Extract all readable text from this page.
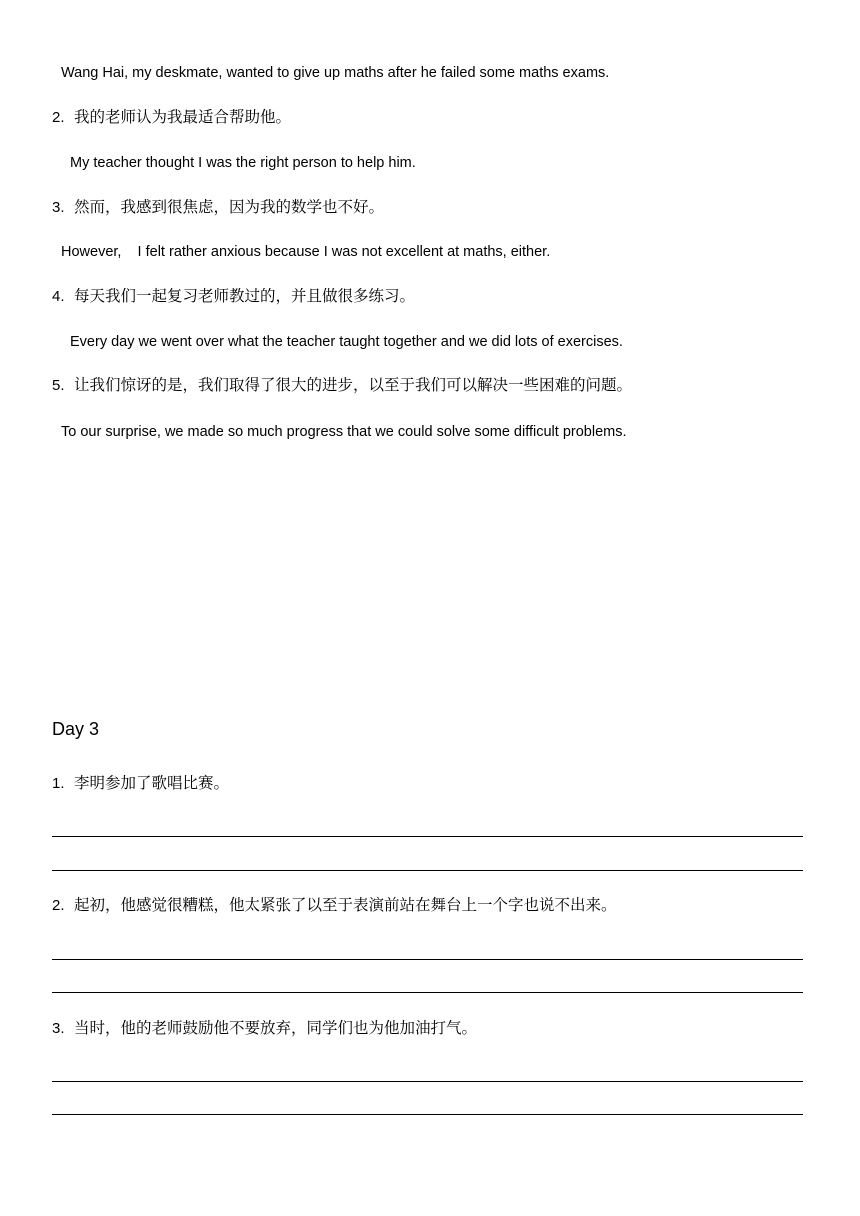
Wang Hai, my deskmate, wanted to give up maths after he failed some maths exams.
2. 我的老师认为我最适合帮助他。
My teacher thought I was the right person to help him.
3. 然而，我感到很焦虑，因为我的数学也不好。
However,    I felt rather anxious because I was not excellent at maths, either.
4. 每天我们一起复习老师教过的，并且做很多练习。
Every day we went over what the teacher taught together and we did lots of exercises.
5. 让我们惊讶的是，我们取得了很大的进步，以至于我们可以解决一些困难的问题。
To our surprise, we made so much progress that we could solve some difficult problems.
Day 3
1. 李明参加了歌唱比赛。
2. 起初，他感觉很糟糕，他太紧张了以至于表演前站在舞台上一个字也说不出来。
3. 当时，他的老师鼓励他不要放弃，同学们也为他加油打气。
